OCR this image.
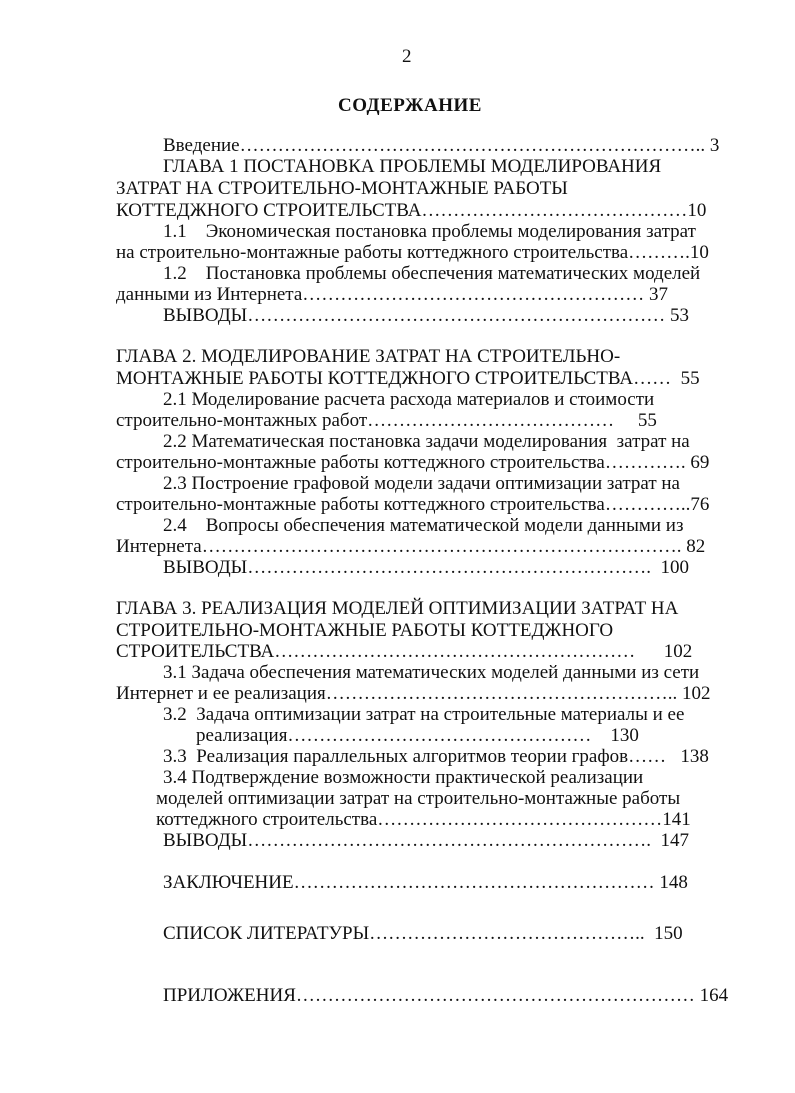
2
СОДЕРЖАНИЕ
Введение……………………………………………………………….. 3
ГЛАВА 1 ПОСТАНОВКА ПРОБЛЕМЫ МОДЕЛИРОВАНИЯ
ЗАТРАТ НА СТРОИТЕЛЬНО-МОНТАЖНЫЕ РАБОТЫ
КОТТЕДЖНОГО СТРОИТЕЛЬСТВА……………………………………10
1.1    Экономическая постановка проблемы моделирования затрат
на строительно-монтажные работы коттеджного строительства……….10
1.2    Постановка проблемы обеспечения математических моделей
данными из Интернета……………………………………………… 37
ВЫВОДЫ………………………………………………………… 53
ГЛАВА 2. МОДЕЛИРОВАНИЕ ЗАТРАТ НА СТРОИТЕЛЬНО-
МОНТАЖНЫЕ РАБОТЫ КОТТЕДЖНОГО СТРОИТЕЛЬСТВА……  55
2.1 Моделирование расчета расхода материалов и стоимости
строительно-монтажных работ…………………………………     55
2.2 Математическая постановка задачи моделирования  затрат на
строительно-монтажные работы коттеджного строительства…………. 69
2.3 Построение графовой модели задачи оптимизации затрат на
строительно-монтажные работы коттеджного строительства…………..76
2.4    Вопросы обеспечения математической модели данными из
Интернета…………………………………………………………………. 82
ВЫВОДЫ……………………………………………………….  100
ГЛАВА 3. РЕАЛИЗАЦИЯ МОДЕЛЕЙ ОПТИМИЗАЦИИ ЗАТРАТ НА
СТРОИТЕЛЬНО-МОНТАЖНЫЕ РАБОТЫ КОТТЕДЖНОГО
СТРОИТЕЛЬСТВА…………………………………………………      102
3.1 Задача обеспечения математических моделей данными из сети
Интернет и ее реализация……………………………………………….. 102
3.2  Задача оптимизации затрат на строительные материалы и ее
реализация…………………………………………    130
3.3  Реализация параллельных алгоритмов теории графов……   138
3.4 Подтверждение возможности практической реализации
моделей оптимизации затрат на строительно-монтажные работы
коттеджного строительства………………………………………141
ВЫВОДЫ……………………………………………………….  147
ЗАКЛЮЧЕНИЕ………………………………………………… 148
СПИСОК ЛИТЕРАТУРЫ……………………………………..  150
ПРИЛОЖЕНИЯ……………………………………………………… 164
